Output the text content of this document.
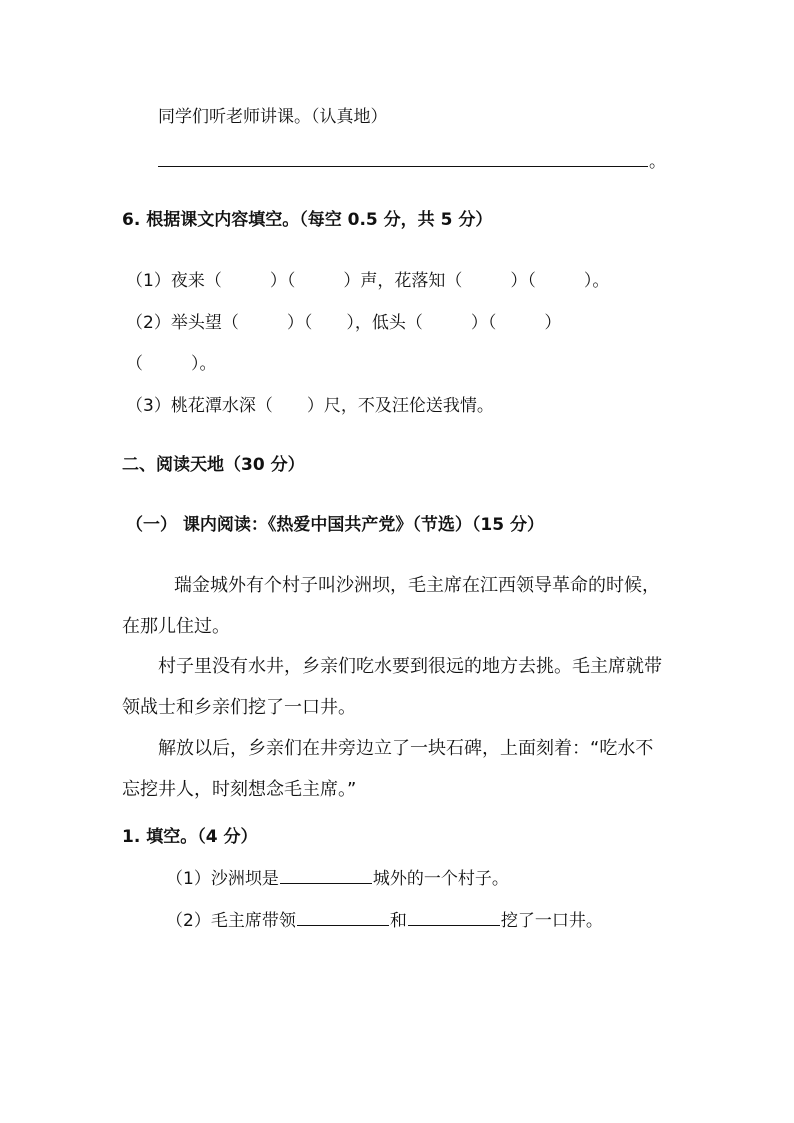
同学们听老师讲课。（认真地）
。
6. 根据课文内容填空。（每空 0.5 分，共 5 分）
（1）夜来（	）（	）声，花落知（	）（	）。
（2）举头望（	）（ ），低头（	）（	）
（	）。
（3）桃花潭水深（ ）尺，不及汪伦送我情。
二、阅读天地（30 分）
（一） 课内阅读：《热爱中国共产党》（节选）（15 分）
瑞金城外有个村子叫沙洲坝，毛主席在江西领导革命的时候，
在那儿住过。
村子里没有水井，乡亲们吃水要到很远的地方去挑。毛主席就带
领战士和乡亲们挖了一口井。
解放以后，乡亲们在井旁边立了一块石碑，上面刻着：“吃水不
忘挖井人，时刻想念毛主席。”
1. 填空。（4 分）
（1）沙洲坝是	城外的一个村子。
（2）毛主席带领	和	挖了一口井。
